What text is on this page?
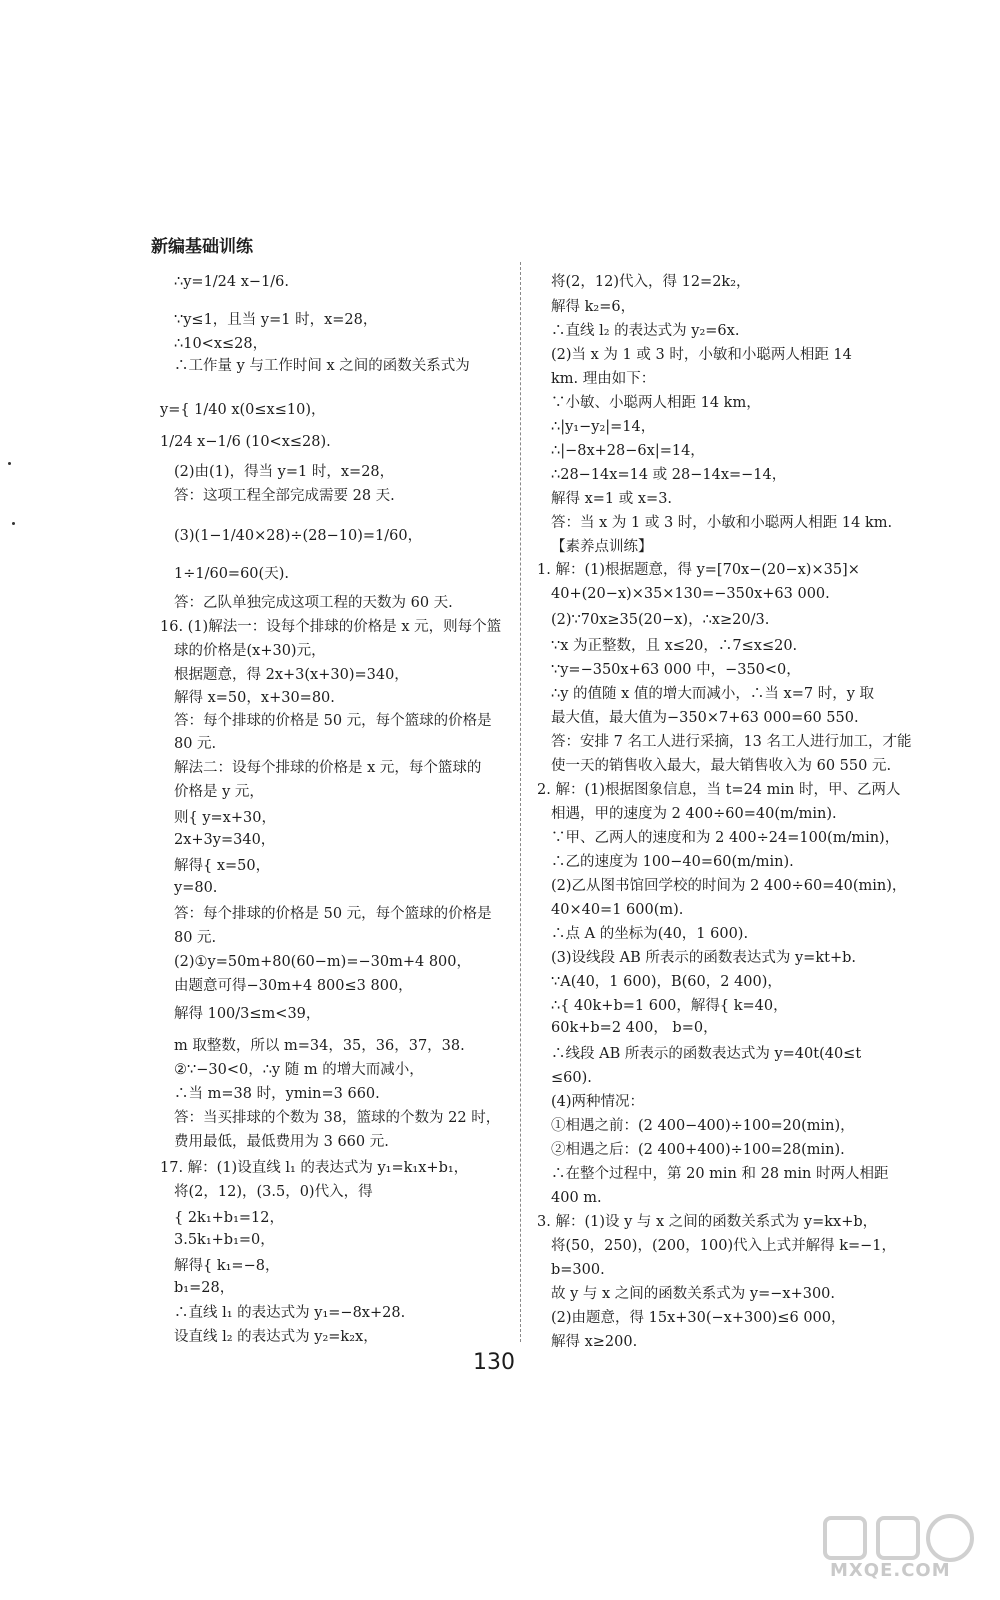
新编基础训练
∴y=1/24 x−1/6.
∵y≤1，且当 y=1 时，x=28，
∴10<x≤28，
∴工作量 y 与工作时间 x 之间的函数关系式为
y={ 1/40 x(0≤x≤10)，
1/24 x−1/6 (10<x≤28).
(2)由(1)，得当 y=1 时，x=28，
答：这项工程全部完成需要 28 天.
(3)(1−1/40×28)÷(28−10)=1/60，
1÷1/60=60(天).
答：乙队单独完成这项工程的天数为 60 天.
16. (1)解法一：设每个排球的价格是 x 元，则每个篮
球的价格是(x+30)元，
根据题意，得 2x+3(x+30)=340，
解得 x=50，x+30=80.
答：每个排球的价格是 50 元，每个篮球的价格是
80 元.
解法二：设每个排球的价格是 x 元，每个篮球的
价格是 y 元，
则{ y=x+30，
2x+3y=340，
解得{ x=50，
y=80.
答：每个排球的价格是 50 元，每个篮球的价格是
80 元.
(2)①y=50m+80(60−m)=−30m+4 800，
由题意可得−30m+4 800≤3 800，
解得 100/3≤m<39，
m 取整数，所以 m=34，35，36，37，38.
②∵−30<0，∴y 随 m 的增大而减小，
∴当 m=38 时，ymin=3 660.
答：当买排球的个数为 38，篮球的个数为 22 时，
费用最低，最低费用为 3 660 元.
17. 解：(1)设直线 l₁ 的表达式为 y₁=k₁x+b₁，
将(2，12)，(3.5，0)代入，得
{ 2k₁+b₁=12，
3.5k₁+b₁=0，
解得{ k₁=−8，
b₁=28，
∴直线 l₁ 的表达式为 y₁=−8x+28.
设直线 l₂ 的表达式为 y₂=k₂x，
将(2，12)代入，得 12=2k₂，
解得 k₂=6，
∴直线 l₂ 的表达式为 y₂=6x.
(2)当 x 为 1 或 3 时，小敏和小聪两人相距 14
km. 理由如下：
∵小敏、小聪两人相距 14 km，
∴|y₁−y₂|=14，
∴|−8x+28−6x|=14，
∴28−14x=14 或 28−14x=−14，
解得 x=1 或 x=3.
答：当 x 为 1 或 3 时，小敏和小聪两人相距 14 km.
【素养点训练】
1. 解：(1)根据题意，得 y=[70x−(20−x)×35]×
40+(20−x)×35×130=−350x+63 000.
(2)∵70x≥35(20−x)，∴x≥20/3.
∵x 为正整数，且 x≤20，∴7≤x≤20.
∵y=−350x+63 000 中，−350<0，
∴y 的值随 x 值的增大而减小，∴当 x=7 时，y 取
最大值，最大值为−350×7+63 000=60 550.
答：安排 7 名工人进行采摘，13 名工人进行加工，才能
使一天的销售收入最大，最大销售收入为 60 550 元.
2. 解：(1)根据图象信息，当 t=24 min 时，甲、乙两人
相遇，甲的速度为 2 400÷60=40(m/min).
∵甲、乙两人的速度和为 2 400÷24=100(m/min)，
∴乙的速度为 100−40=60(m/min).
(2)乙从图书馆回学校的时间为 2 400÷60=40(min)，
40×40=1 600(m).
∴点 A 的坐标为(40，1 600).
(3)设线段 AB 所表示的函数表达式为 y=kt+b.
∵A(40，1 600)，B(60，2 400)，
∴{ 40k+b=1 600，解得{ k=40，
60k+b=2 400， b=0，
∴线段 AB 所表示的函数表达式为 y=40t(40≤t
≤60).
(4)两种情况：
①相遇之前：(2 400−400)÷100=20(min)，
②相遇之后：(2 400+400)÷100=28(min).
∴在整个过程中，第 20 min 和 28 min 时两人相距
400 m.
3. 解：(1)设 y 与 x 之间的函数关系式为 y=kx+b，
将(50，250)，(200，100)代入上式并解得 k=−1，
b=300.
故 y 与 x 之间的函数关系式为 y=−x+300.
(2)由题意，得 15x+30(−x+300)≤6 000，
解得 x≥200.
130
MXQE.COM
